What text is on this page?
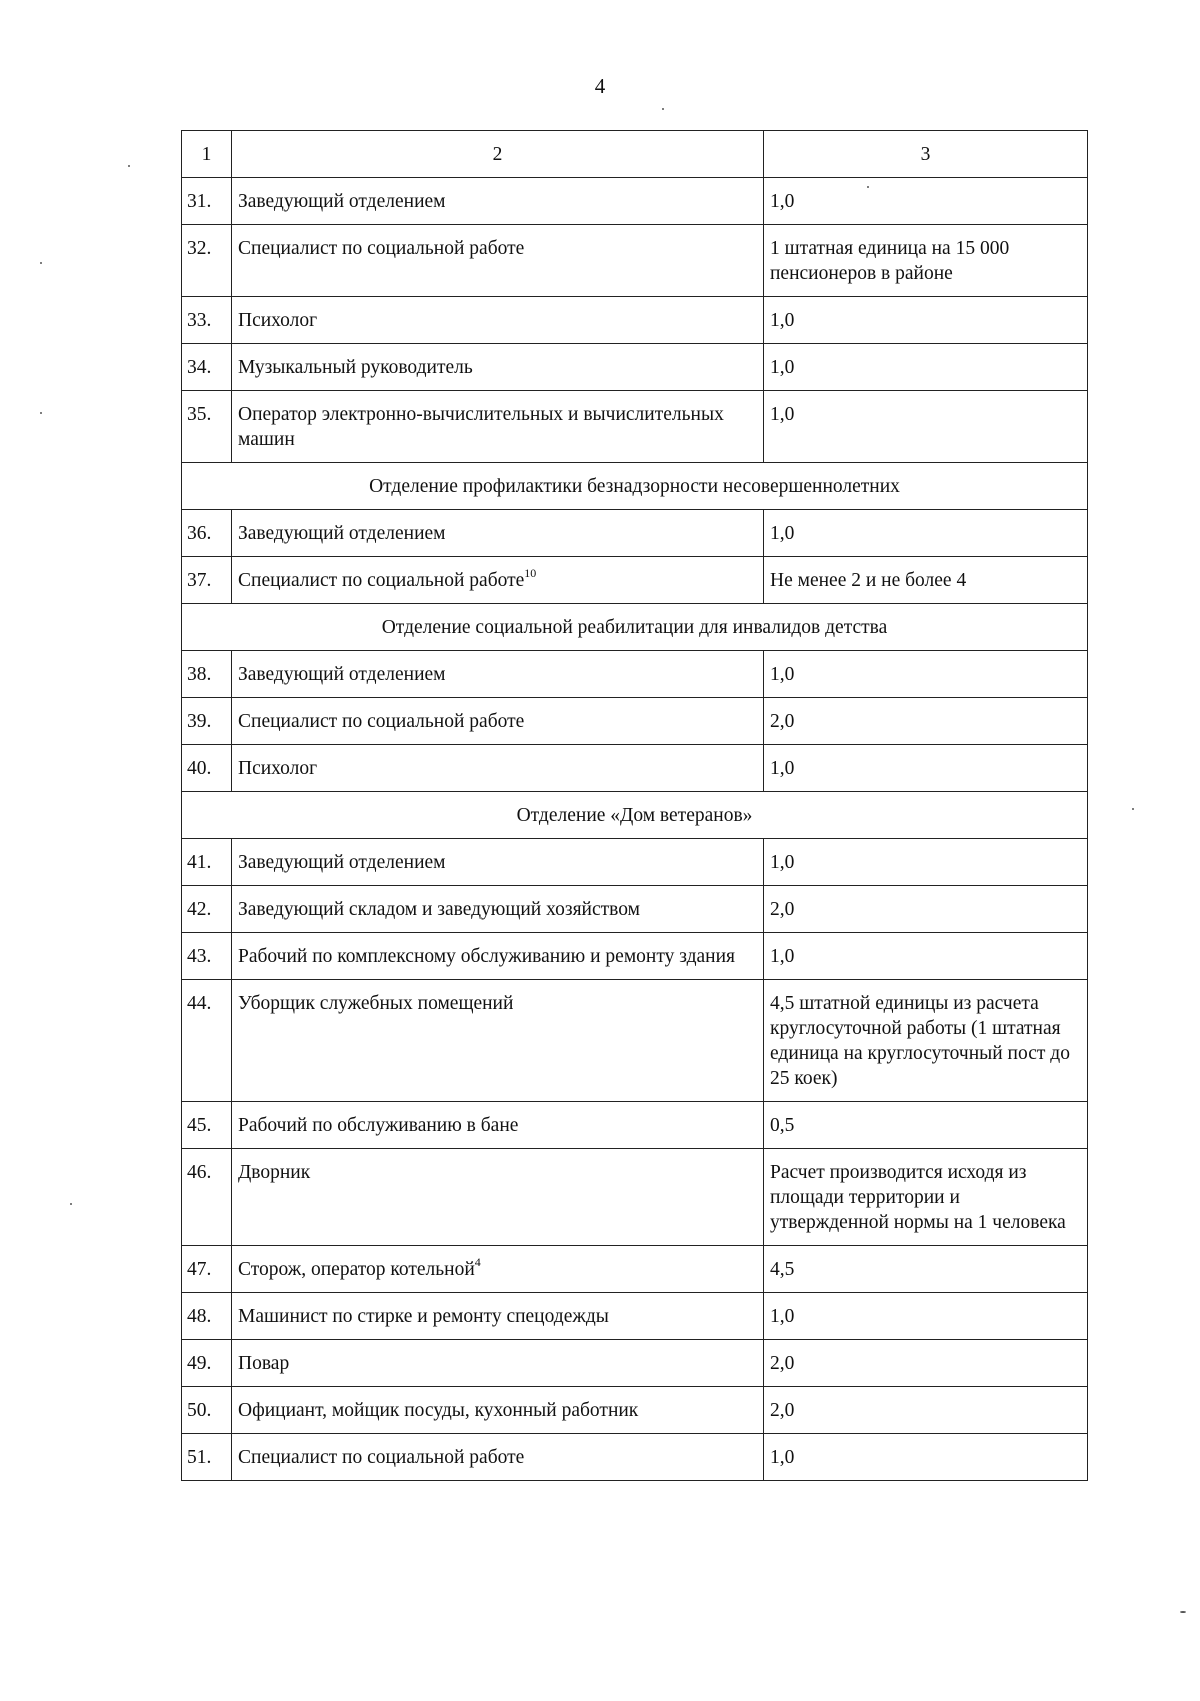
4
1	2	3
31.	Заведующий отделением	1,0
32.	Специалист по социальной работе	1 штатная единица на 15 000 пенсионеров в районе
33.	Психолог	1,0
34.	Музыкальный руководитель	1,0
35.	Оператор электронно-вычислительных и вычислительных машин	1,0
Отделение профилактики безнадзорности несовершеннолетних		
36.	Заведующий отделением	1,0
37.	Специалист по социальной работе$^{10}$	Не менее 2 и не более 4
Отделение социальной реабилитации для инвалидов детства		
38.	Заведующий отделением	1,0
39.	Специалист по социальной работе	2,0
40.	Психолог	1,0
Отделение «Дом ветеранов»		
41.	Заведующий отделением	1,0
42.	Заведующий складом и заведующий хозяйством	2,0
43.	Рабочий по комплексному обслуживанию и ремонту здания	1,0
44.	Уборщик служебных помещений	4,5 штатной единицы из расчета круглосуточной работы (1 штатная единица на круглосуточный пост до 25 коек)
45.	Рабочий по обслуживанию в бане	0,5
46.	Дворник	Расчет производится исходя из площади территории и утвержденной нормы на 1 человека
47.	Сторож, оператор котельной$^4$	4,5
48.	Машинист по стирке и ремонту спецодежды	1,0
49.	Повар	2,0
50.	Официант, мойщик посуды, кухонный работник	2,0
51.	Специалист по социальной работе	1,0
